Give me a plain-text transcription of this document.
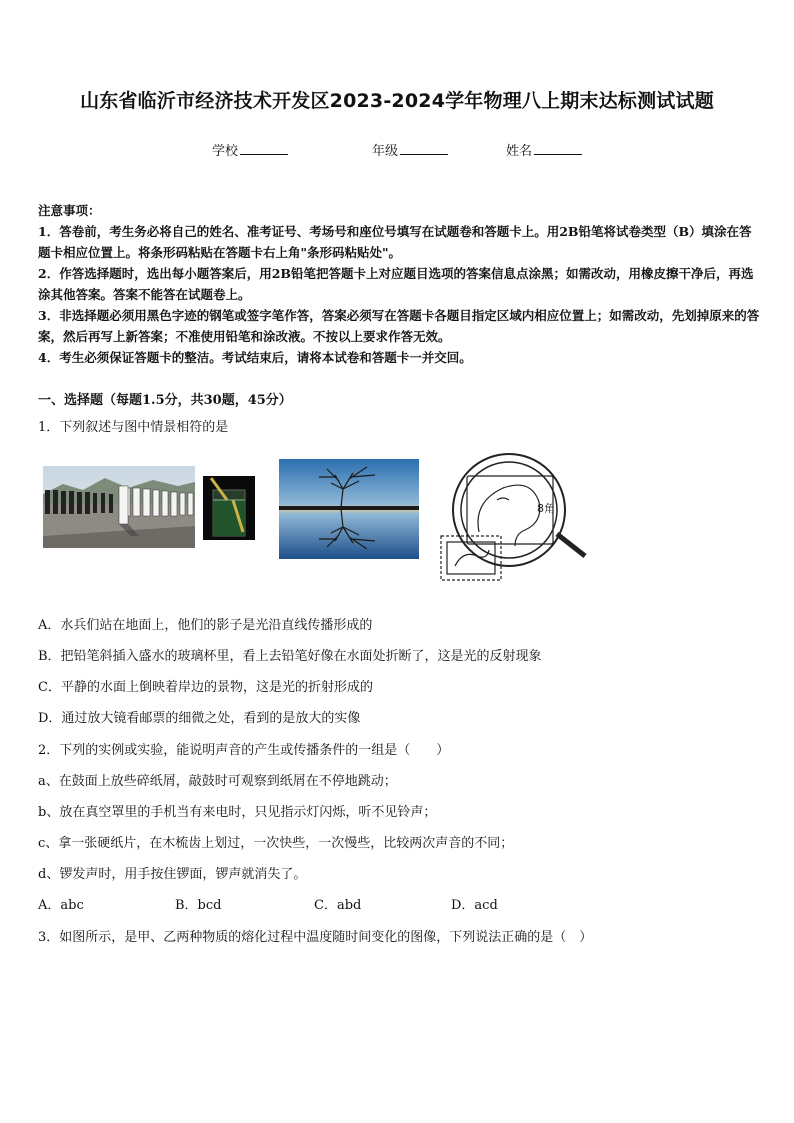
山东省临沂市经济技术开发区2023-2024学年物理八上期末达标测试试题
学校	年级	姓名
注意事项：
1．答卷前，考生务必将自己的姓名、准考证号、考场号和座位号填写在试题卷和答题卡上。用2B铅笔将试卷类型（B）填涂在答题卡相应位置上。将条形码粘贴在答题卡右上角"条形码粘贴处"。
2．作答选择题时，选出每小题答案后，用2B铅笔把答题卡上对应题目选项的答案信息点涂黑；如需改动，用橡皮擦干净后，再选涂其他答案。答案不能答在试题卷上。
3．非选择题必须用黑色字迹的钢笔或签字笔作答，答案必须写在答题卡各题目指定区域内相应位置上；如需改动，先划掉原来的答案，然后再写上新答案；不准使用铅笔和涂改液。不按以上要求作答无效。
4．考生必须保证答题卡的整洁。考试结束后，请将本试卷和答题卡一并交回。
一、选择题（每题1.5分，共30题，45分）
1．下列叙述与图中情景相符的是
8角
A．水兵们站在地面上，他们的影子是光沿直线传播形成的
B．把铅笔斜插入盛水的玻璃杯里，看上去铅笔好像在水面处折断了，这是光的反射现象
C．平静的水面上倒映着岸边的景物，这是光的折射形成的
D．通过放大镜看邮票的细微之处，看到的是放大的实像
2．下列的实例或实验，能说明声音的产生或传播条件的一组是（　　）
a、在鼓面上放些碎纸屑，敲鼓时可观察到纸屑在不停地跳动；
b、放在真空罩里的手机当有来电时，只见指示灯闪烁，听不见铃声；
c、拿一张硬纸片，在木梳齿上划过，一次快些，一次慢些，比较两次声音的不同；
d、锣发声时，用手按住锣面，锣声就消失了。
A．abc	B．bcd	C．abd	D．acd
3．如图所示，是甲、乙两种物质的熔化过程中温度随时间变化的图像，下列说法正确的是（　）
